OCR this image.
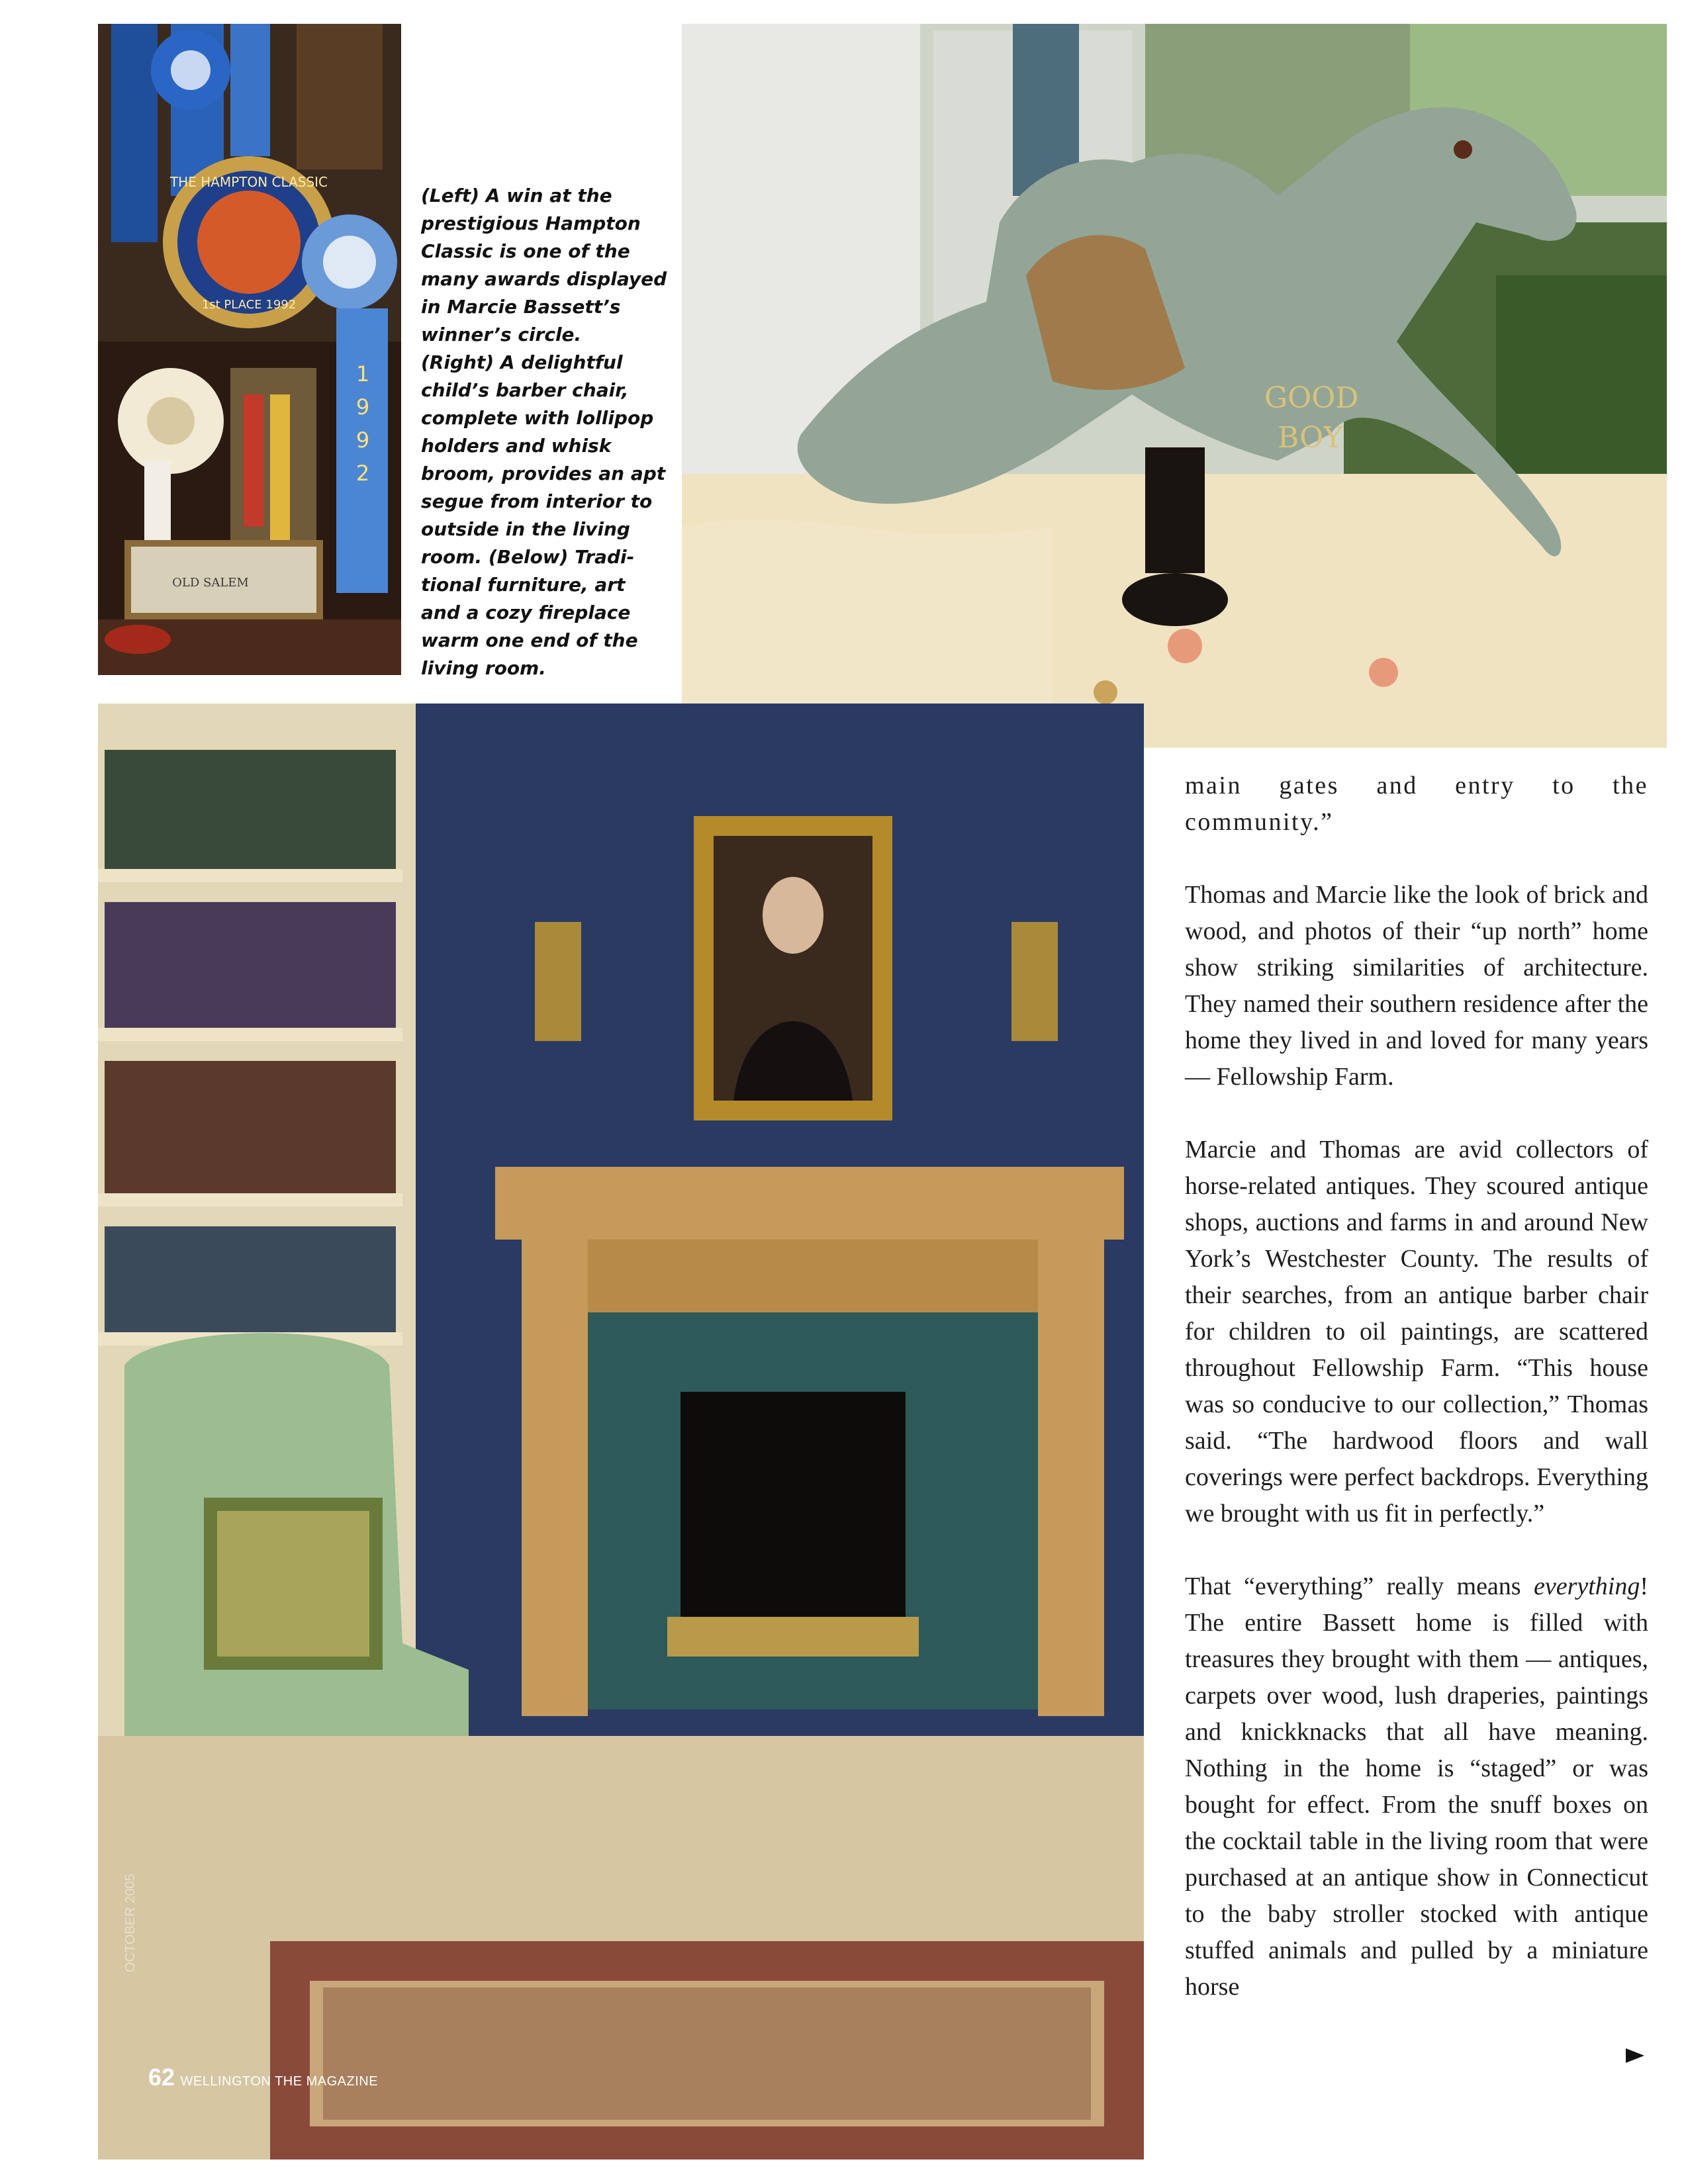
THE HAMPTON CLASSIC
1st PLACE 1992
1
9
9
2
OLD SALEM
GOOD
BOY

(Left) A win at the

prestigious Hampton

Classic is one of the

many awards displayed

in Marcie Bassett’s

winner’s circle.

(Right) A delightful

child’s barber chair,

complete with lollipop

holders and whisk

broom, provides an apt

segue from interior to

outside in the living

room. (Below) Tradi-

tional furniture, art

and a cozy fireplace

warm one end of the

living room.

OCTOBER 2005
62 WELLINGTON THE MAGAZINE

main gates and entry to the community.”

Thomas and Marcie like the look of brick and wood, and photos of their “up north” home show striking similarities of architecture. They named their southern residence after the home they lived in and loved for many years — Fellowship Farm.

Marcie and Thomas are avid collectors of horse-related antiques. They scoured antique shops, auctions and farms in and around New York’s Westchester County. The results of their searches, from an antique barber chair for children to oil paintings, are scattered throughout Fellowship Farm. “This house was so conducive to our collection,” Thomas said. “The hardwood floors and wall coverings were perfect backdrops. Everything we brought with us fit in perfectly.”

That “everything” really means everything! The entire Bassett home is filled with treasures they brought with them — antiques, carpets over wood, lush draperies, paintings and knickknacks that all have meaning. Nothing in the home is “staged” or was bought for effect. From the snuff boxes on the cocktail table in the living room that were purchased at an antique show in Connecticut to the baby stroller stocked with antique stuffed animals and pulled by a miniature horse
